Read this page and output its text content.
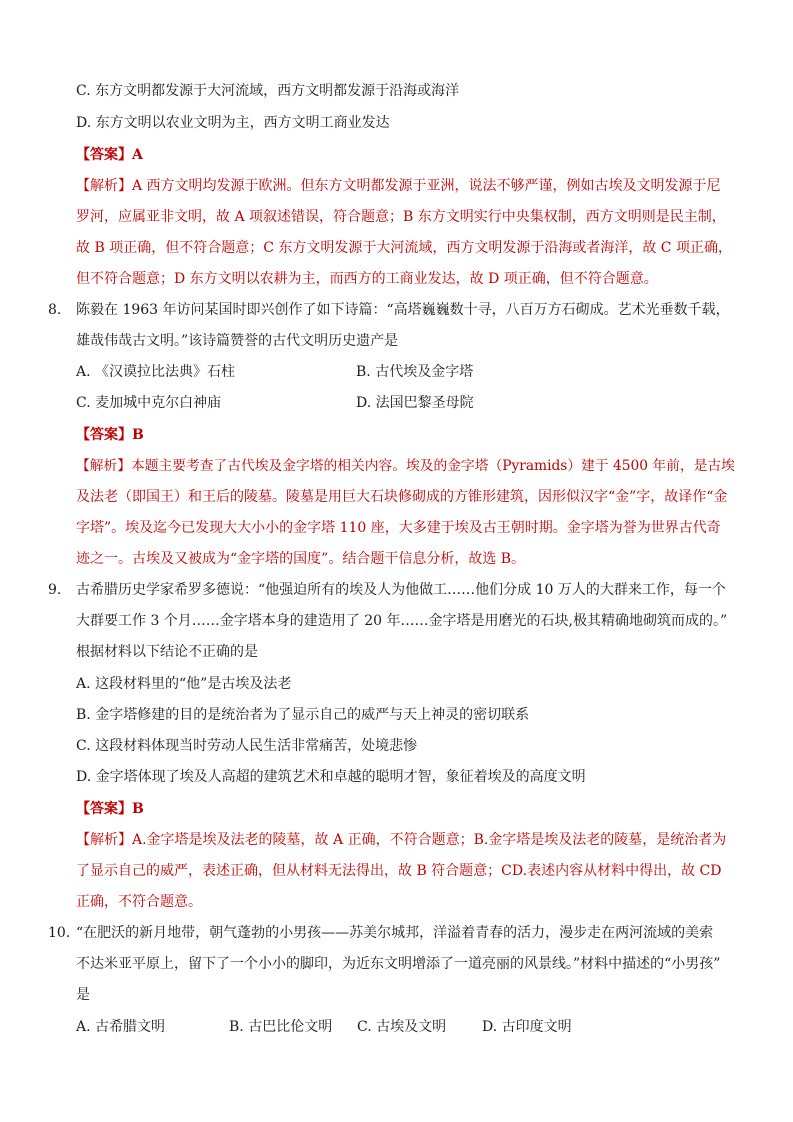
C. 东方文明都发源于大河流域，西方文明都发源于沿海或海洋
D. 东方文明以农业文明为主，西方文明工商业发达
【答案】A
【解析】A 西方文明均发源于欧洲。但东方文明都发源于亚洲，说法不够严谨，例如古埃及文明发源于尼
罗河，应属亚非文明，故 A 项叙述错误，符合题意；B 东方文明实行中央集权制，西方文明则是民主制，
故 B 项正确，但不符合题意；C 东方文明发源于大河流域，西方文明发源于沿海或者海洋，故 C 项正确，
但不符合题意；D 东方文明以农耕为主，而西方的工商业发达，故 D 项正确，但不符合题意。
8. 陈毅在 1963 年访问某国时即兴创作了如下诗篇：“高塔巍巍数十寻，八百万方石砌成。艺术光垂数千载，
雄哉伟哉古文明。”该诗篇赞誉的古代文明历史遗产是
A. 《汉谟拉比法典》石柱	B. 古代埃及金字塔
C. 麦加城中克尔白神庙	D. 法国巴黎圣母院
【答案】B
【解析】本题主要考查了古代埃及金字塔的相关内容。埃及的金字塔（Pyramids）建于 4500 年前，是古埃
及法老（即国王）和王后的陵墓。陵墓是用巨大石块修砌成的方锥形建筑，因形似汉字“金”字，故译作“金
字塔”。埃及迄今已发现大大小小的金字塔 110 座，大多建于埃及古王朝时期。金字塔为誉为世界古代奇
迹之一。古埃及又被成为“金字塔的国度”。结合题干信息分析，故选 B。
9. 古希腊历史学家希罗多德说：“他强迫所有的埃及人为他做工……他们分成 10 万人的大群来工作，每一个
大群要工作 3 个月……金字塔本身的建造用了 20 年……金字塔是用磨光的石块,极其精确地砌筑而成的。”
根据材料以下结论不正确的是
A. 这段材料里的“他”是古埃及法老
B. 金字塔修建的目的是统治者为了显示自己的威严与天上神灵的密切联系
C. 这段材料体现当时劳动人民生活非常痛苦，处境悲惨
D. 金字塔体现了埃及人高超的建筑艺术和卓越的聪明才智，象征着埃及的高度文明
【答案】B
【解析】A.金字塔是埃及法老的陵墓，故 A 正确，不符合题意；B.金字塔是埃及法老的陵墓，是统治者为
了显示自己的威严，表述正确，但从材料无法得出，故 B 符合题意；CD.表述内容从材料中得出，故 CD
正确，不符合题意。
10. “在肥沃的新月地带，朝气蓬勃的小男孩——苏美尔城邦，洋溢着青春的活力，漫步走在两河流域的美索
不达米亚平原上，留下了一个小小的脚印，为近东文明增添了一道亮丽的风景线。”材料中描述的“小男孩”
是
A. 古希腊文明	B. 古巴比伦文明 C. 古埃及文明	D. 古印度文明
